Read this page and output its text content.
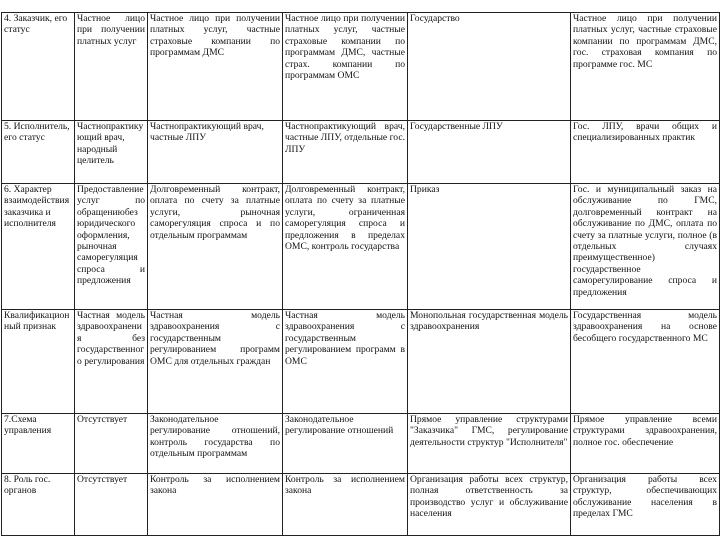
4. Заказчик, его статус	Частное лицо при получении платных услуг	Частное лицо при получении платных услуг, частные страховые компании по программам ДМС	Частное лицо при получении платных услуг, частные страховые компании по программам ДМС, частные страх. компании по программам ОМС	Государство	Частное лицо при получении платных услуг, частные страховые компании по программам ДМС, гос. страховая компания по программе гос. МС
5. Исполнитель, его статус	Частнопрактикующий врач, народный целитель	Частнопрактикующий врач, частные ЛПУ	Частнопрактикующий врач, частные ЛПУ, отдельные гос. ЛПУ	Государственные ЛПУ	Гос. ЛПУ, врачи общих и специализированных практик
6. Характер взаимодействия заказчика и исполнителя	Предоставление услуг по обращениюбез юридического оформления, рыночная саморегуляция спроса и предложения	Долговременный контракт, оплата по счету за платные услуги, рыночная саморегуляция спроса и по отдельным программам	Долговременный контракт, оплата по счету за платные услуги, ограниченная саморегуляция спроса и предложения в пределах ОМС, контроль государства	Приказ	Гос. и муниципальный заказ на обслуживание по ГМС, долговременный контракт на обслуживание по ДМС, оплата по счету за платные услуги, полное (в отдельных случаях преимущественное) государственное саморегулирование спроса и предложения
Квалификационный признак	Частная модель здравоохранения без государственного регулирования	Частная модель здравоохранения с государственным регулированием программ ОМС для отдельных граждан	Частная модель здравоохранения с государственным регулированием программ в ОМС	Монопольная государственная модель здравоохранения	Государственная модель здравоохранения на основе бесобщего государственного МС
7.Схема управления	Отсутствует	Законодательное регулирование отношений, контроль государства по отдельным программам	Законодательное регулирование отношений	Прямое управление структурами "Заказчика" ГМС, регулирование деятельности структур "Исполнителя"	Прямое управление всеми структурами здравоохранения, полное гос. обеспечение
8. Роль гос. органов	Отсутствует	Контроль за исполнением закона	Контроль за исполнением закона	Организация работы всех структур, полная ответственность за производство услуг и обслуживание населения	Организация работы всех структур, обеспечивающих обслуживание населения в пределах ГМС
